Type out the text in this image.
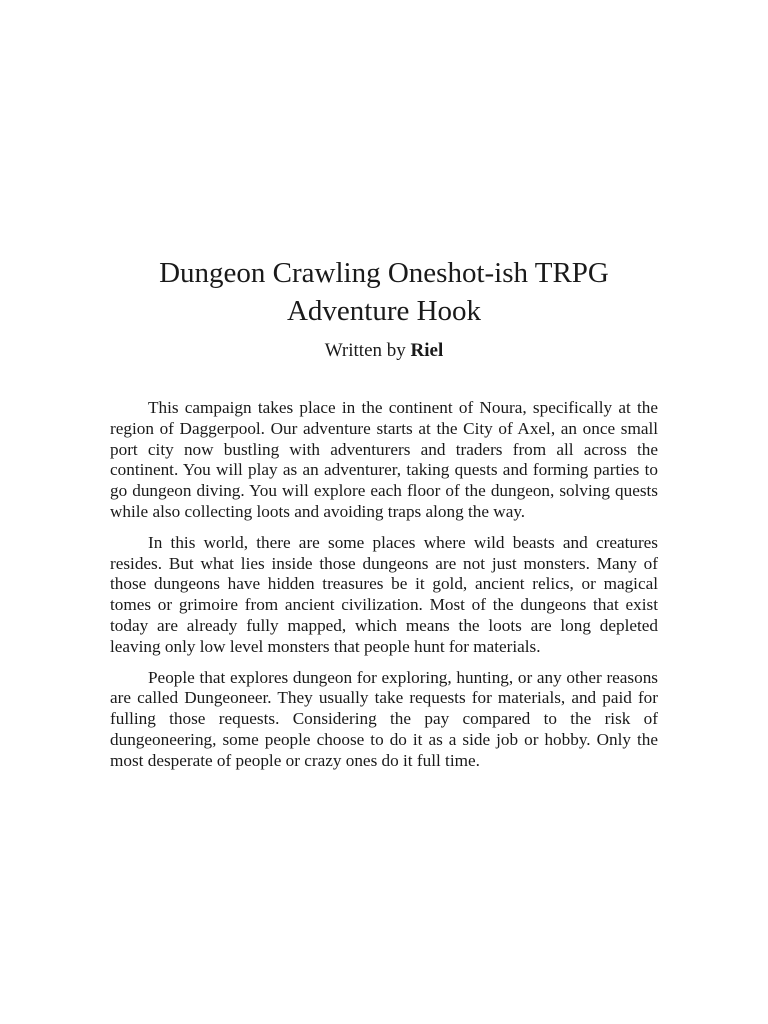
Dungeon Crawling Oneshot-ish TRPG
Adventure Hook
Written by Riel

This campaign takes place in the continent of Noura, specifically at the region of Daggerpool. Our adventure starts at the City of Axel, an once small port city now bustling with adventurers and traders from all across the continent. You will play as an adventurer, taking quests and forming parties to go dungeon diving. You will explore each floor of the dungeon, solving quests while also collecting loots and avoiding traps along the way.

In this world, there are some places where wild beasts and creatures resides. But what lies inside those dungeons are not just monsters. Many of those dungeons have hidden treasures be it gold, ancient relics, or magical tomes or grimoire from ancient civilization. Most of the dungeons that exist today are already fully mapped, which means the loots are long depleted leaving only low level monsters that people hunt for materials.

People that explores dungeon for exploring, hunting, or any other reasons are called Dungeoneer. They usually take requests for materials, and paid for fulling those requests. Considering the pay compared to the risk of dungeoneering, some people choose to do it as a side job or hobby. Only the most desperate of people or crazy ones do it full time.
